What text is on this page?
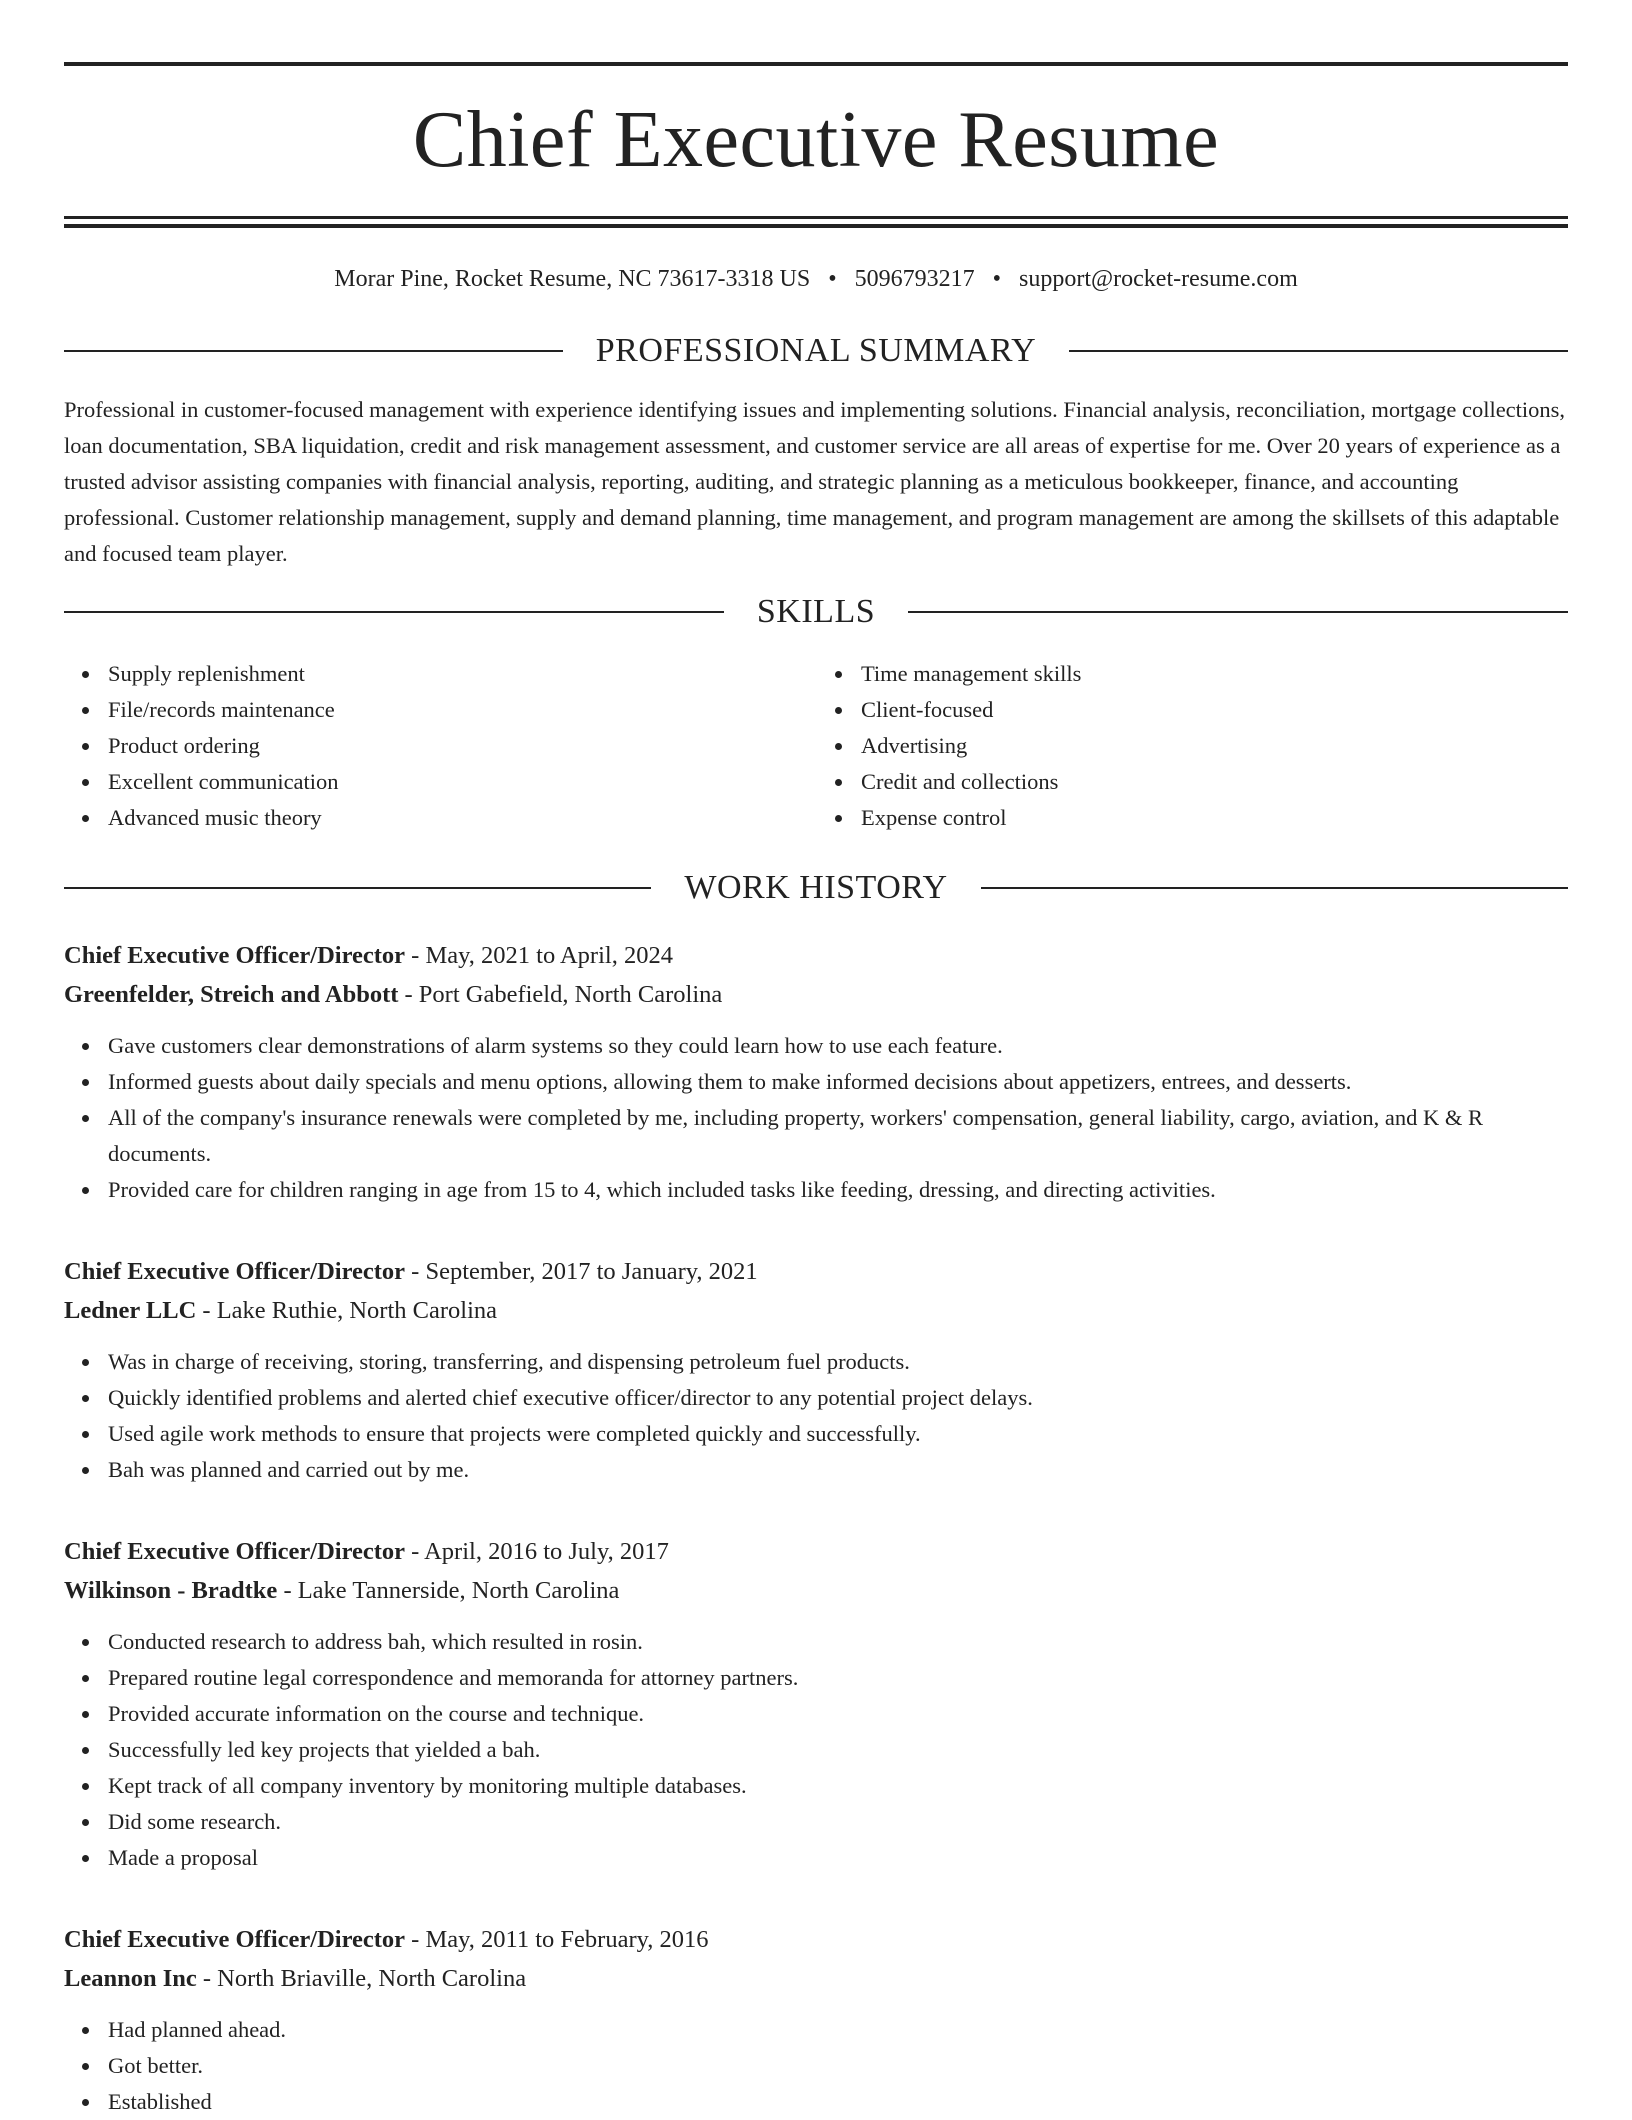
Chief Executive Resume
Morar Pine, Rocket Resume, NC 73617-3318 US • 5096793217 • support@rocket-resume.com
PROFESSIONAL SUMMARY

Professional in customer-focused management with experience identifying issues and implementing solutions. Financial analysis, reconciliation, mortgage collections, loan documentation, SBA liquidation, credit and risk management assessment, and customer service are all areas of expertise for me. Over 20 years of experience as a trusted advisor assisting companies with financial analysis, reporting, auditing, and strategic planning as a meticulous bookkeeper, finance, and accounting professional. Customer relationship management, supply and demand planning, time management, and program management are among the skillsets of this adaptable and focused team player.

SKILLS
Supply replenishment
File/records maintenance
Product ordering
Excellent communication
Advanced music theory
Time management skills
Client-focused
Advertising
Credit and collections
Expense control
WORK HISTORY
Chief Executive Officer/Director - May, 2021 to April, 2024
Greenfelder, Streich and Abbott - Port Gabefield, North Carolina
Gave customers clear demonstrations of alarm systems so they could learn how to use each feature.
Informed guests about daily specials and menu options, allowing them to make informed decisions about appetizers, entrees, and desserts.
All of the company's insurance renewals were completed by me, including property, workers' compensation, general liability, cargo, aviation, and K & R documents.
Provided care for children ranging in age from 15 to 4, which included tasks like feeding, dressing, and directing activities.
Chief Executive Officer/Director - September, 2017 to January, 2021
Ledner LLC - Lake Ruthie, North Carolina
Was in charge of receiving, storing, transferring, and dispensing petroleum fuel products.
Quickly identified problems and alerted chief executive officer/director to any potential project delays.
Used agile work methods to ensure that projects were completed quickly and successfully.
Bah was planned and carried out by me.
Chief Executive Officer/Director - April, 2016 to July, 2017
Wilkinson - Bradtke - Lake Tannerside, North Carolina
Conducted research to address bah, which resulted in rosin.
Prepared routine legal correspondence and memoranda for attorney partners.
Provided accurate information on the course and technique.
Successfully led key projects that yielded a bah.
Kept track of all company inventory by monitoring multiple databases.
Did some research.
Made a proposal
Chief Executive Officer/Director - May, 2011 to February, 2016
Leannon Inc - North Briaville, North Carolina
Had planned ahead.
Got better.
Established
